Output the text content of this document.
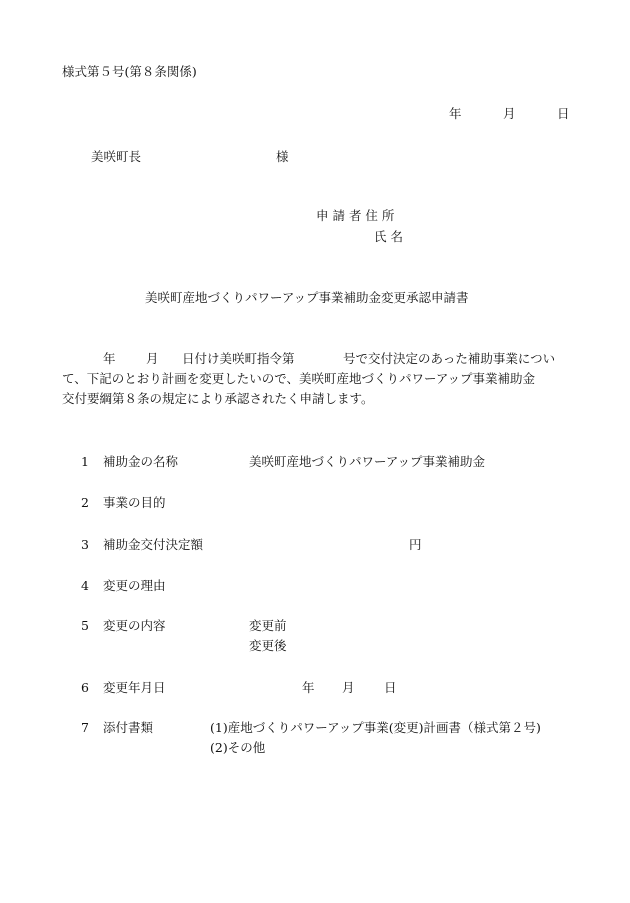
様式第５号(第８条関係)
年	月	日
美咲町長	様
申 請 者 住 所
氏 名
美咲町産地づくりパワーアップ事業補助金変更承認申請書
年 月 日付け美咲町指令第	号で交付決定のあった補助事業につい
て、下記のとおり計画を変更したいので、美咲町産地づくりパワーアップ事業補助金
交付要綱第８条の規定により承認されたく申請します。
1 補助金の名称	美咲町産地づくりパワーアップ事業補助金
2 事業の目的
3 補助金交付決定額	円
4 変更の理由
5 変更の内容	変更前
変更後
6 変更年月日	年 月 日
7 添付書類	(1)産地づくりパワーアップ事業(変更)計画書（様式第２号)
(2)その他
